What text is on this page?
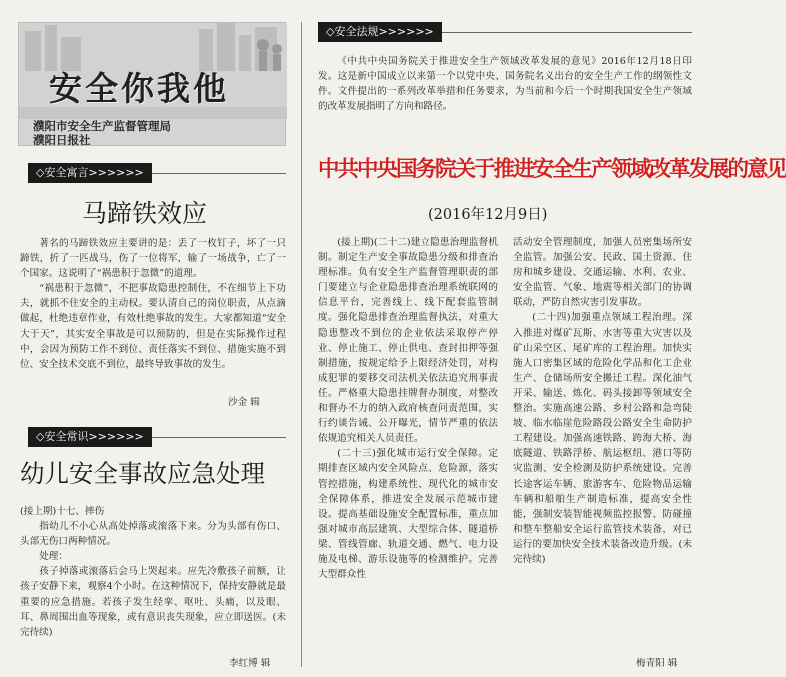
安全你我他
濮阳市安全生产监督管理局
濮阳日报社
◇安全寓言>>>>>>
马蹄铁效应

著名的马蹄铁效应主要讲的是：丢了一枚钉子，坏了一只蹄铁，折了一匹战马，伤了一位将军，输了一场战争，亡了一个国家。这说明了“祸患积于忽微”的道理。

“祸患积于忽微”，不把事故隐患控制住，不在细节上下功夫，就抓不住安全的主动权。要认清自己的岗位职责，从点滴做起，杜绝违章作业，有效杜绝事故的发生。大家都知道“安全大于天”，其实安全事故是可以预防的，但是在实际操作过程中，会因为预防工作不到位、责任落实不到位、措施实施不到位、安全技术交底不到位，最终导致事故的发生。

沙金 辑
◇安全常识>>>>>>
幼儿安全事故应急处理

(接上期)十七、摔伤

指幼儿不小心从高处掉落或滚落下来。分为头部有伤口、头部无伤口两种情况。

处理：

孩子掉落或滚落后会马上哭起来。应先冷敷孩子前额，让孩子安静下来，观察4个小时。在这种情况下，保持安静就是最重要的应急措施。若孩子发生经挛、呕吐、头痛，以及眼、耳、鼻周围出血等现象，或有意识丧失现象，应立即送医。(未完待续)

李红博 辑
◇安全法规>>>>>>

《中共中央国务院关于推进安全生产领域改革发展的意见》2016年12月18日印发。这是新中国成立以来第一个以党中央、国务院名义出台的安全生产工作的纲领性文件。文件提出的一系列改革举措和任务要求，为当前和今后一个时期我国安全生产领域的改革发展指明了方向和路径。

中共中央国务院关于推进安全生产领域改革发展的意见
(2016年12月9日)

(接上期)(二十二)建立隐患治理监督机制。制定生产安全事故隐患分级和排查治理标准。负有安全生产监督管理职责的部门要建立与企业隐患排查治理系统联网的信息平台，完善线上、线下配套监管制度。强化隐患排查治理监督执法，对重大隐患整改不到位的企业依法采取停产停业、停止施工、停止供电、查封扣押等强制措施，按规定给予上限经济处罚，对构成犯罪的要移交司法机关依法追究刑事责任。严格重大隐患挂牌督办制度，对整改和督办不力的纳入政府核查问责范围，实行约谈告诫、公开曝光，情节严重的依法依规追究相关人员责任。

(二十三)强化城市运行安全保障。定期排查区域内安全风险点、危险源，落实管控措施，构建系统性、现代化的城市安全保障体系，推进安全发展示范城市建设。提高基础设施安全配置标准，重点加强对城市高层建筑、大型综合体、隧道桥梁、管线管廊、轨道交通、燃气、电力设施及电梯、游乐设施等的检测维护。完善大型群众性

活动安全管理制度，加强人员密集场所安全监管。加强公安、民政、国土资源、住房和城乡建设、交通运输、水利、农业、安全监管、气象、地震等相关部门的协调联动，严防自然灾害引发事故。

(二十四)加强重点领域工程治理。深入推进对煤矿瓦斯、水害等重大灾害以及矿山采空区、尾矿库的工程治理。加快实施人口密集区域的危险化学品和化工企业生产、仓储场所安全搬迁工程。深化油气开采、输送、炼化、码头接卸等领域安全整治。实施高速公路、乡村公路和急弯陡坡、临水临崖危险路段公路安全生命防护工程建设。加强高速铁路、跨海大桥、海底隧道、铁路浮桥、航运枢纽、港口等防灾监测、安全检测及防护系统建设。完善长途客运车辆、旅游客车、危险物品运输车辆和船舶生产制造标准，提高安全性能，强制安装智能视频监控报警、防碰撞和整车整船安全运行监管技术装备，对已运行的要加快安全技术装备改造升级。(未完待续)

梅青阳 辑
